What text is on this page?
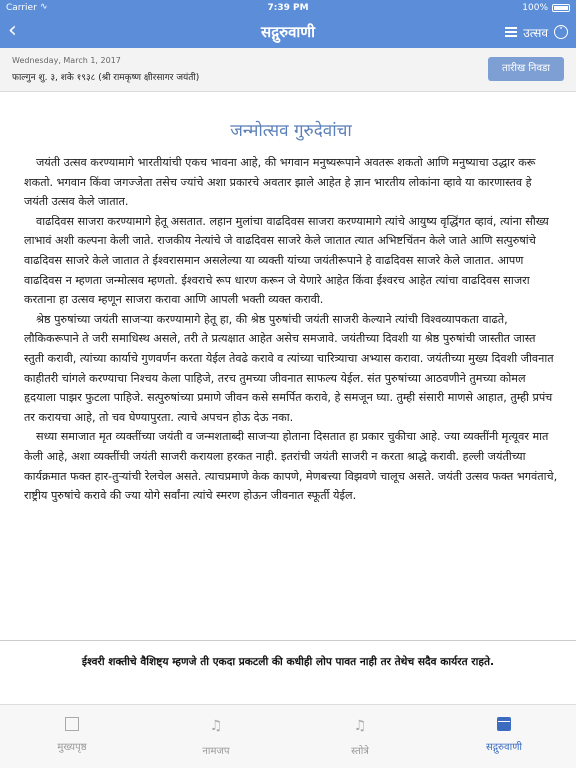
Carrier ∿	7:39 PM	100%
‹	सद्गुरुवाणी	उत्सव	˅
Wednesday, March 1, 2017
फाल्गुन शु. ३, शके १९३८ (श्री रामकृष्ण क्षीरसागर जयंती)
तारीख निवडा
जन्मोत्सव गुरुदेवांचा

जयंती उत्सव करण्यामागे भारतीयांची एकच भावना आहे, की भगवान मनुष्यरूपाने अवतरू शकतो आणि मनुष्याचा उद्धार करू शकतो. भगवान किंवा जगज्जेता तसेच ज्यांचे अशा प्रकारचे अवतार झाले आहेत हे ज्ञान भारतीय लोकांना व्हावे या कारणास्तव हे जयंती उत्सव केले जातात.

वाढदिवस साजरा करण्यामागे हेतू असतात. लहान मुलांचा वाढदिवस साजरा करण्यामागे त्यांचे आयुष्य वृद्धिंगत व्हावं, त्यांना सौख्य लाभावं अशी कल्पना केली जाते. राजकीय नेत्यांचे जे वाढदिवस साजरे केले जातात त्यात अभिष्टचिंतन केले जाते आणि सत्पुरुषांचे वाढदिवस साजरे केले जातात ते ईश्वरासमान असलेल्या या व्यक्ती यांच्या जयंतीरूपाने हे वाढदिवस साजरे केले जातात. आपण वाढदिवस न म्हणता जन्मोत्सव म्हणतो. ईश्वराचे रूप धारण करून जे येणारे आहेत किंवा ईश्वरच आहेत त्यांचा वाढदिवस साजरा करताना हा उत्सव म्हणून साजरा करावा आणि आपली भक्ती व्यक्त करावी.

श्रेष्ठ पुरुषांच्या जयंती साजऱ्या करण्यामागे हेतू हा, की श्रेष्ठ पुरुषांची जयंती साजरी केल्याने त्यांची विश्वव्यापकता वाढते, लौकिकरूपाने ते जरी समाधिस्थ असले, तरी ते प्रत्यक्षात आहेत असेच समजावे. जयंतीच्या दिवशी या श्रेष्ठ पुरुषांची जास्तीत जास्त स्तुती करावी, त्यांच्या कार्याचे गुणवर्णन करता येईल तेवढे करावे व त्यांच्या चारित्र्याचा अभ्यास करावा. जयंतीच्या मुख्य दिवशी जीवनात काहीतरी चांगले करण्याचा निश्चय केला पाहिजे, तरच तुमच्या जीवनात साफल्य येईल. संत पुरुषांच्या आठवणीने तुमच्या कोमल हृदयाला पाझर फुटला पाहिजे. सत्पुरुषांच्या प्रमाणे जीवन कसे समर्पित करावे, हे समजून घ्या. तुम्ही संसारी माणसे आहात, तुम्ही प्रपंच तर करायचा आहे, तो चव घेण्यापुरता. त्याचे अपचन होऊ देऊ नका.

सध्या समाजात मृत व्यक्तींच्या जयंती व जन्मशताब्दी साजऱ्या होताना दिसतात हा प्रकार चुकीचा आहे. ज्या व्यक्तींनी मृत्यूवर मात केली आहे, अशा व्यक्तींची जयंती साजरी करायला हरकत नाही. इतरांची जयंती साजरी न करता श्राद्धे करावी. हल्ली जयंतीच्या कार्यक्रमात फक्त हार-तुऱ्यांची रेलचेल असते. त्याचप्रमाणे केक कापणे, मेणबत्त्या विझवणे चालूच असते. जयंती उत्सव फक्त भगवंताचे, राष्ट्रीय पुरुषांचे करावे की ज्या योगे सर्वांना त्यांचे स्मरण होऊन जीवनात स्फूर्ती येईल.

ईश्वरी शक्तीचे वैशिष्ट्य म्हणजे ती एकदा प्रकटली की कधीही लोप पावत नाही तर तेथेच सदैव कार्यरत राहते.
मुख्यपृष्ठ
♫
नामजप
♫
स्तोत्रे	सद्गुरुवाणी
